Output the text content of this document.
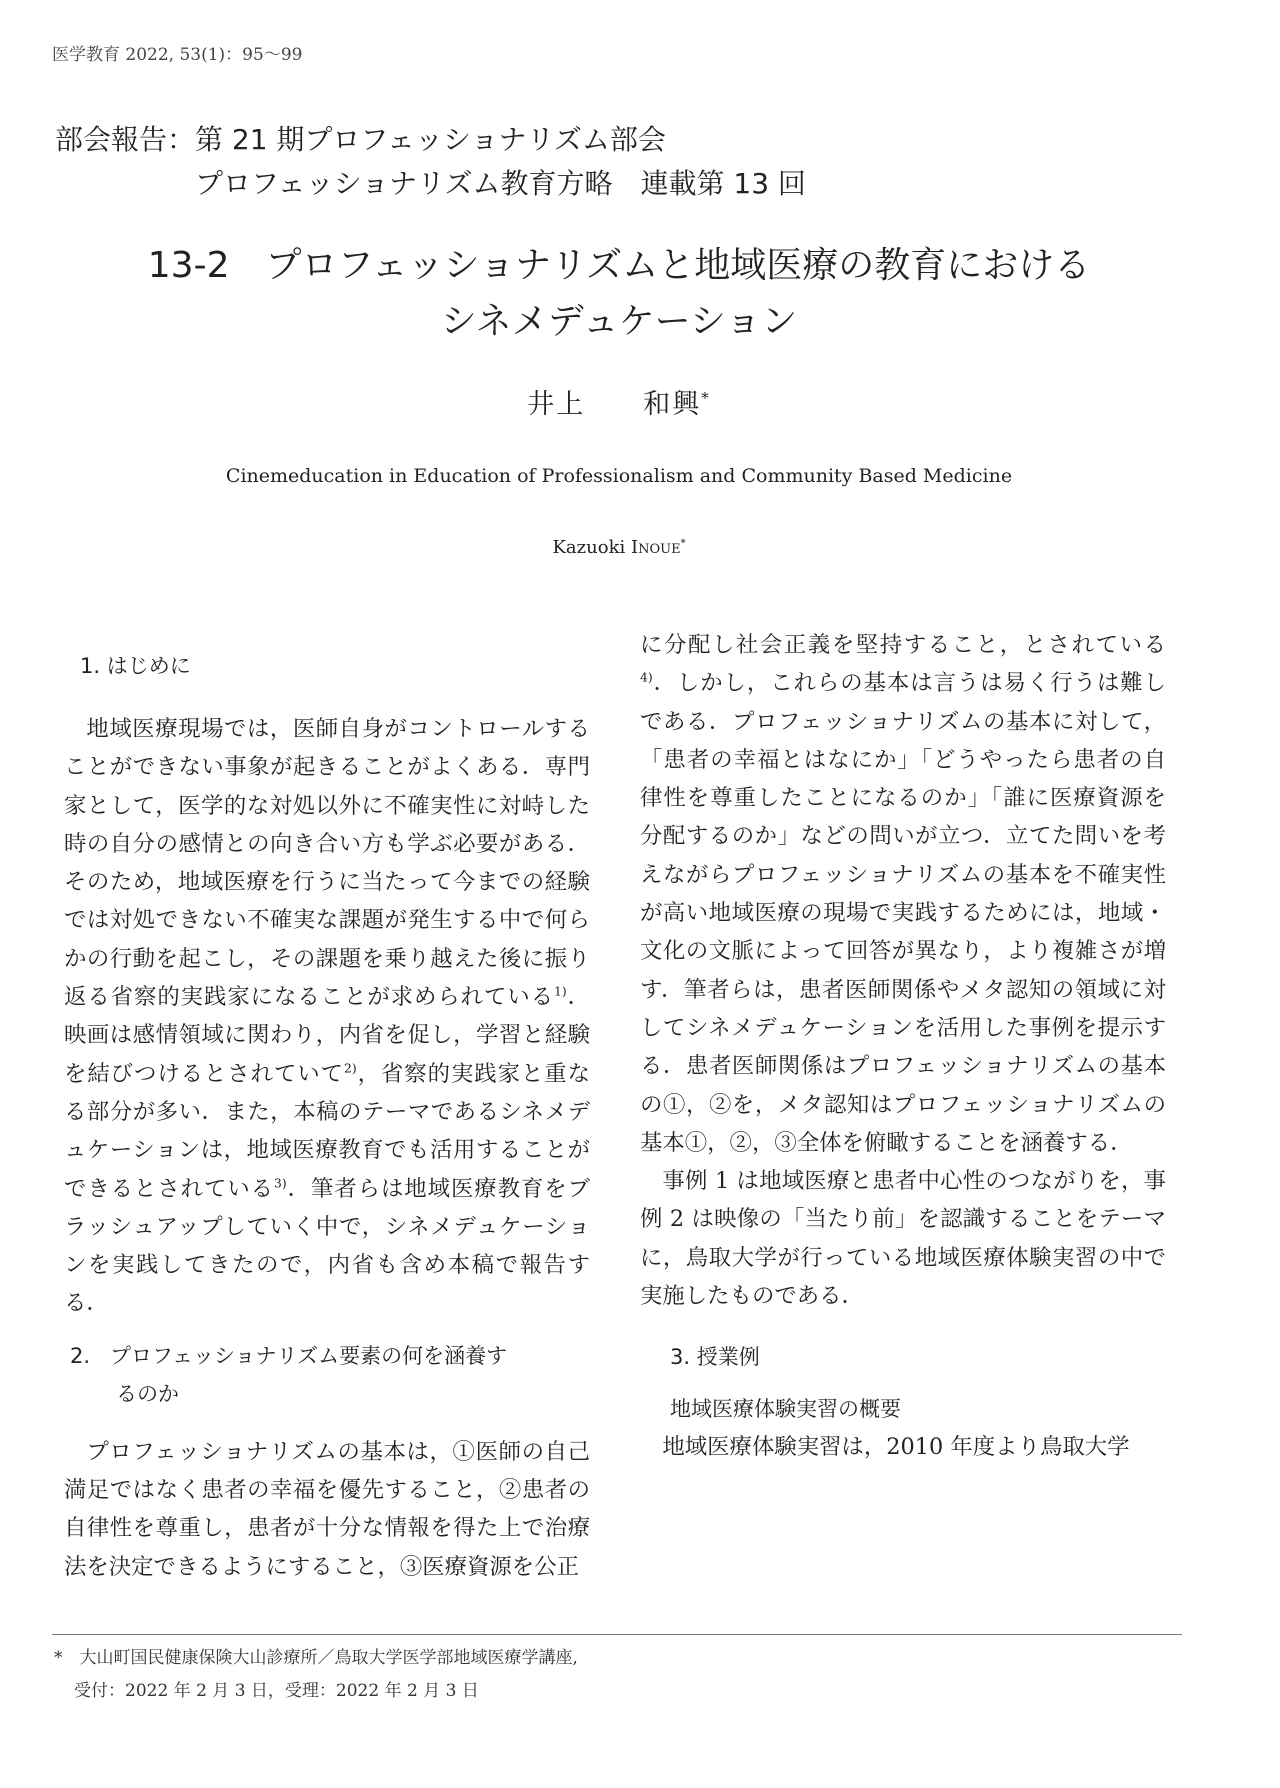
医学教育 2022, 53(1)：95〜99
部会報告：第 21 期プロフェッショナリズム部会
プロフェッショナリズム教育方略　連載第 13 回
13-2　プロフェッショナリズムと地域医療の教育における
シネメデュケーション
井上　　和興*
Cinemeducation in Education of Professionalism and Community Based Medicine
Kazuoki Inoue*

1. はじめに

地域医療現場では，医師自身がコントロールすることができない事象が起きることがよくある．専門家として，医学的な対処以外に不確実性に対峙した時の自分の感情との向き合い方も学ぶ必要がある．そのため，地域医療を行うに当たって今までの経験では対処できない不確実な課題が発生する中で何らかの行動を起こし，その課題を乗り越えた後に振り返る省察的実践家になることが求められている$^{1)}$．映画は感情領域に関わり，内省を促し，学習と経験を結びつけるとされていて$^{2)}$，省察的実践家と重なる部分が多い．また，本稿のテーマであるシネメデュケーションは，地域医療教育でも活用することができるとされている$^{3)}$．筆者らは地域医療教育をブラッシュアップしていく中で，シネメデュケーションを実践してきたので，内省も含め本稿で報告する．

2. プロフェッショナリズム要素の何を涵養す
るのか

プロフェッショナリズムの基本は，①医師の自己満足ではなく患者の幸福を優先すること，②患者の自律性を尊重し，患者が十分な情報を得た上で治療法を決定できるようにすること，③医療資源を公正

に分配し社会正義を堅持すること，とされている$^{4)}$．しかし，これらの基本は言うは易く行うは難しである．プロフェッショナリズムの基本に対して，「患者の幸福とはなにか」「どうやったら患者の自律性を尊重したことになるのか」「誰に医療資源を分配するのか」などの問いが立つ．立てた問いを考えながらプロフェッショナリズムの基本を不確実性が高い地域医療の現場で実践するためには，地域・文化の文脈によって回答が異なり，より複雑さが増す．筆者らは，患者医師関係やメタ認知の領域に対してシネメデュケーションを活用した事例を提示する．患者医師関係はプロフェッショナリズムの基本の①，②を，メタ認知はプロフェッショナリズムの基本①，②，③全体を俯瞰することを涵養する．

事例 1 は地域医療と患者中心性のつながりを，事例 2 は映像の「当たり前」を認識することをテーマに，鳥取大学が行っている地域医療体験実習の中で実施したものである．

3. 授業例

地域医療体験実習の概要

地域医療体験実習は，2010 年度より鳥取大学

*　 大山町国民健康保険大山診療所／鳥取大学医学部地域医療学講座,
受付：2022 年 2 月 3 日，受理：2022 年 2 月 3 日
